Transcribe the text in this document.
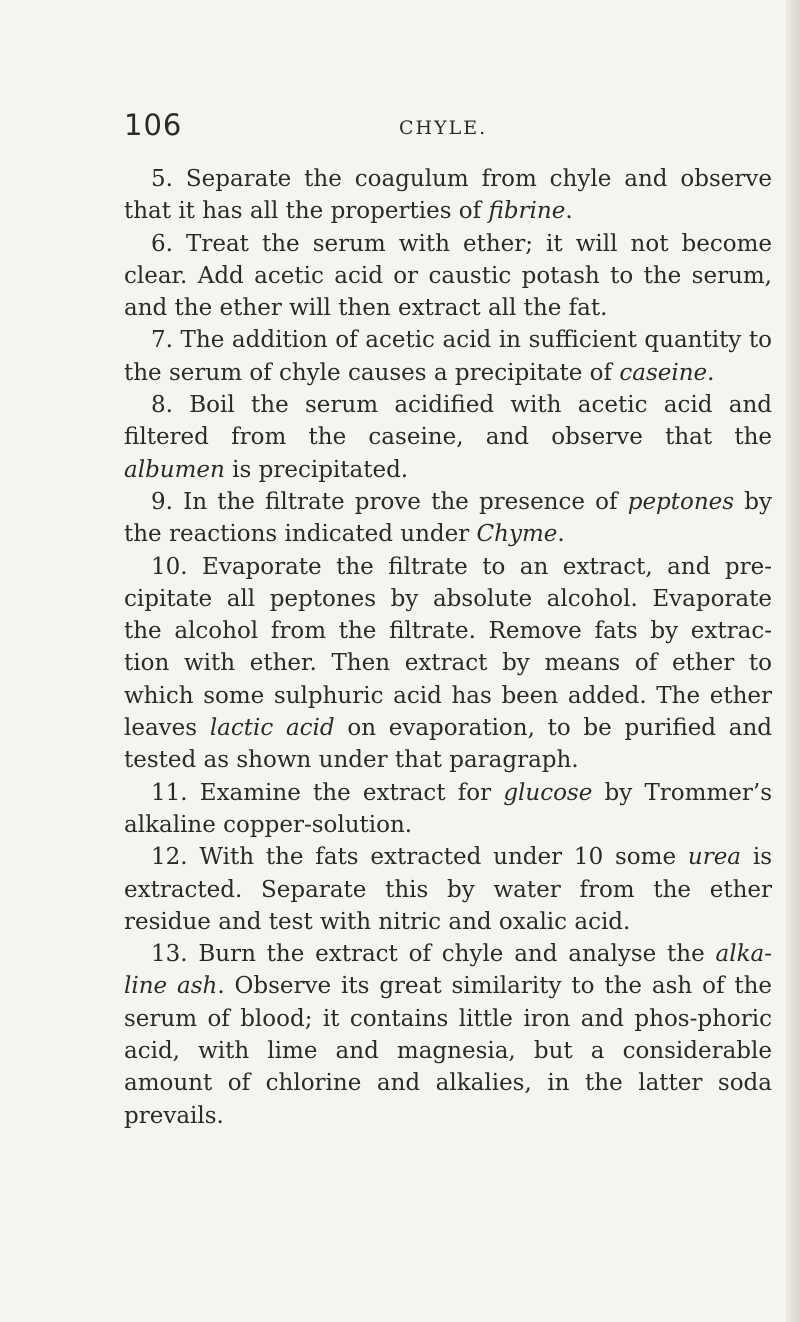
106	CHYLE.

5. Separate the coagulum from chyle and observe that it has all the properties of fibrine.

6. Treat the serum with ether; it will not become clear. Add acetic acid or caustic potash to the serum, and the ether will then extract all the fat.

7. The addition of acetic acid in sufficient quantity to the serum of chyle causes a precipitate of caseine.

8. Boil the serum acidified with acetic acid and filtered from the caseine, and observe that the albumen is precipitated.

9. In the filtrate prove the presence of peptones by the reactions indicated under Chyme.

10. Evaporate the filtrate to an extract, and pre-cipitate all peptones by absolute alcohol. Evaporate the alcohol from the filtrate. Remove fats by extrac-tion with ether. Then extract by means of ether to which some sulphuric acid has been added. The ether leaves lactic acid on evaporation, to be purified and tested as shown under that paragraph.

11. Examine the extract for glucose by Trommer’s alkaline copper-solution.

12. With the fats extracted under 10 some urea is extracted. Separate this by water from the ether residue and test with nitric and oxalic acid.

13. Burn the extract of chyle and analyse the alka-line ash. Observe its great similarity to the ash of the serum of blood; it contains little iron and phos-phoric acid, with lime and magnesia, but a considerable amount of chlorine and alkalies, in the latter soda prevails.
